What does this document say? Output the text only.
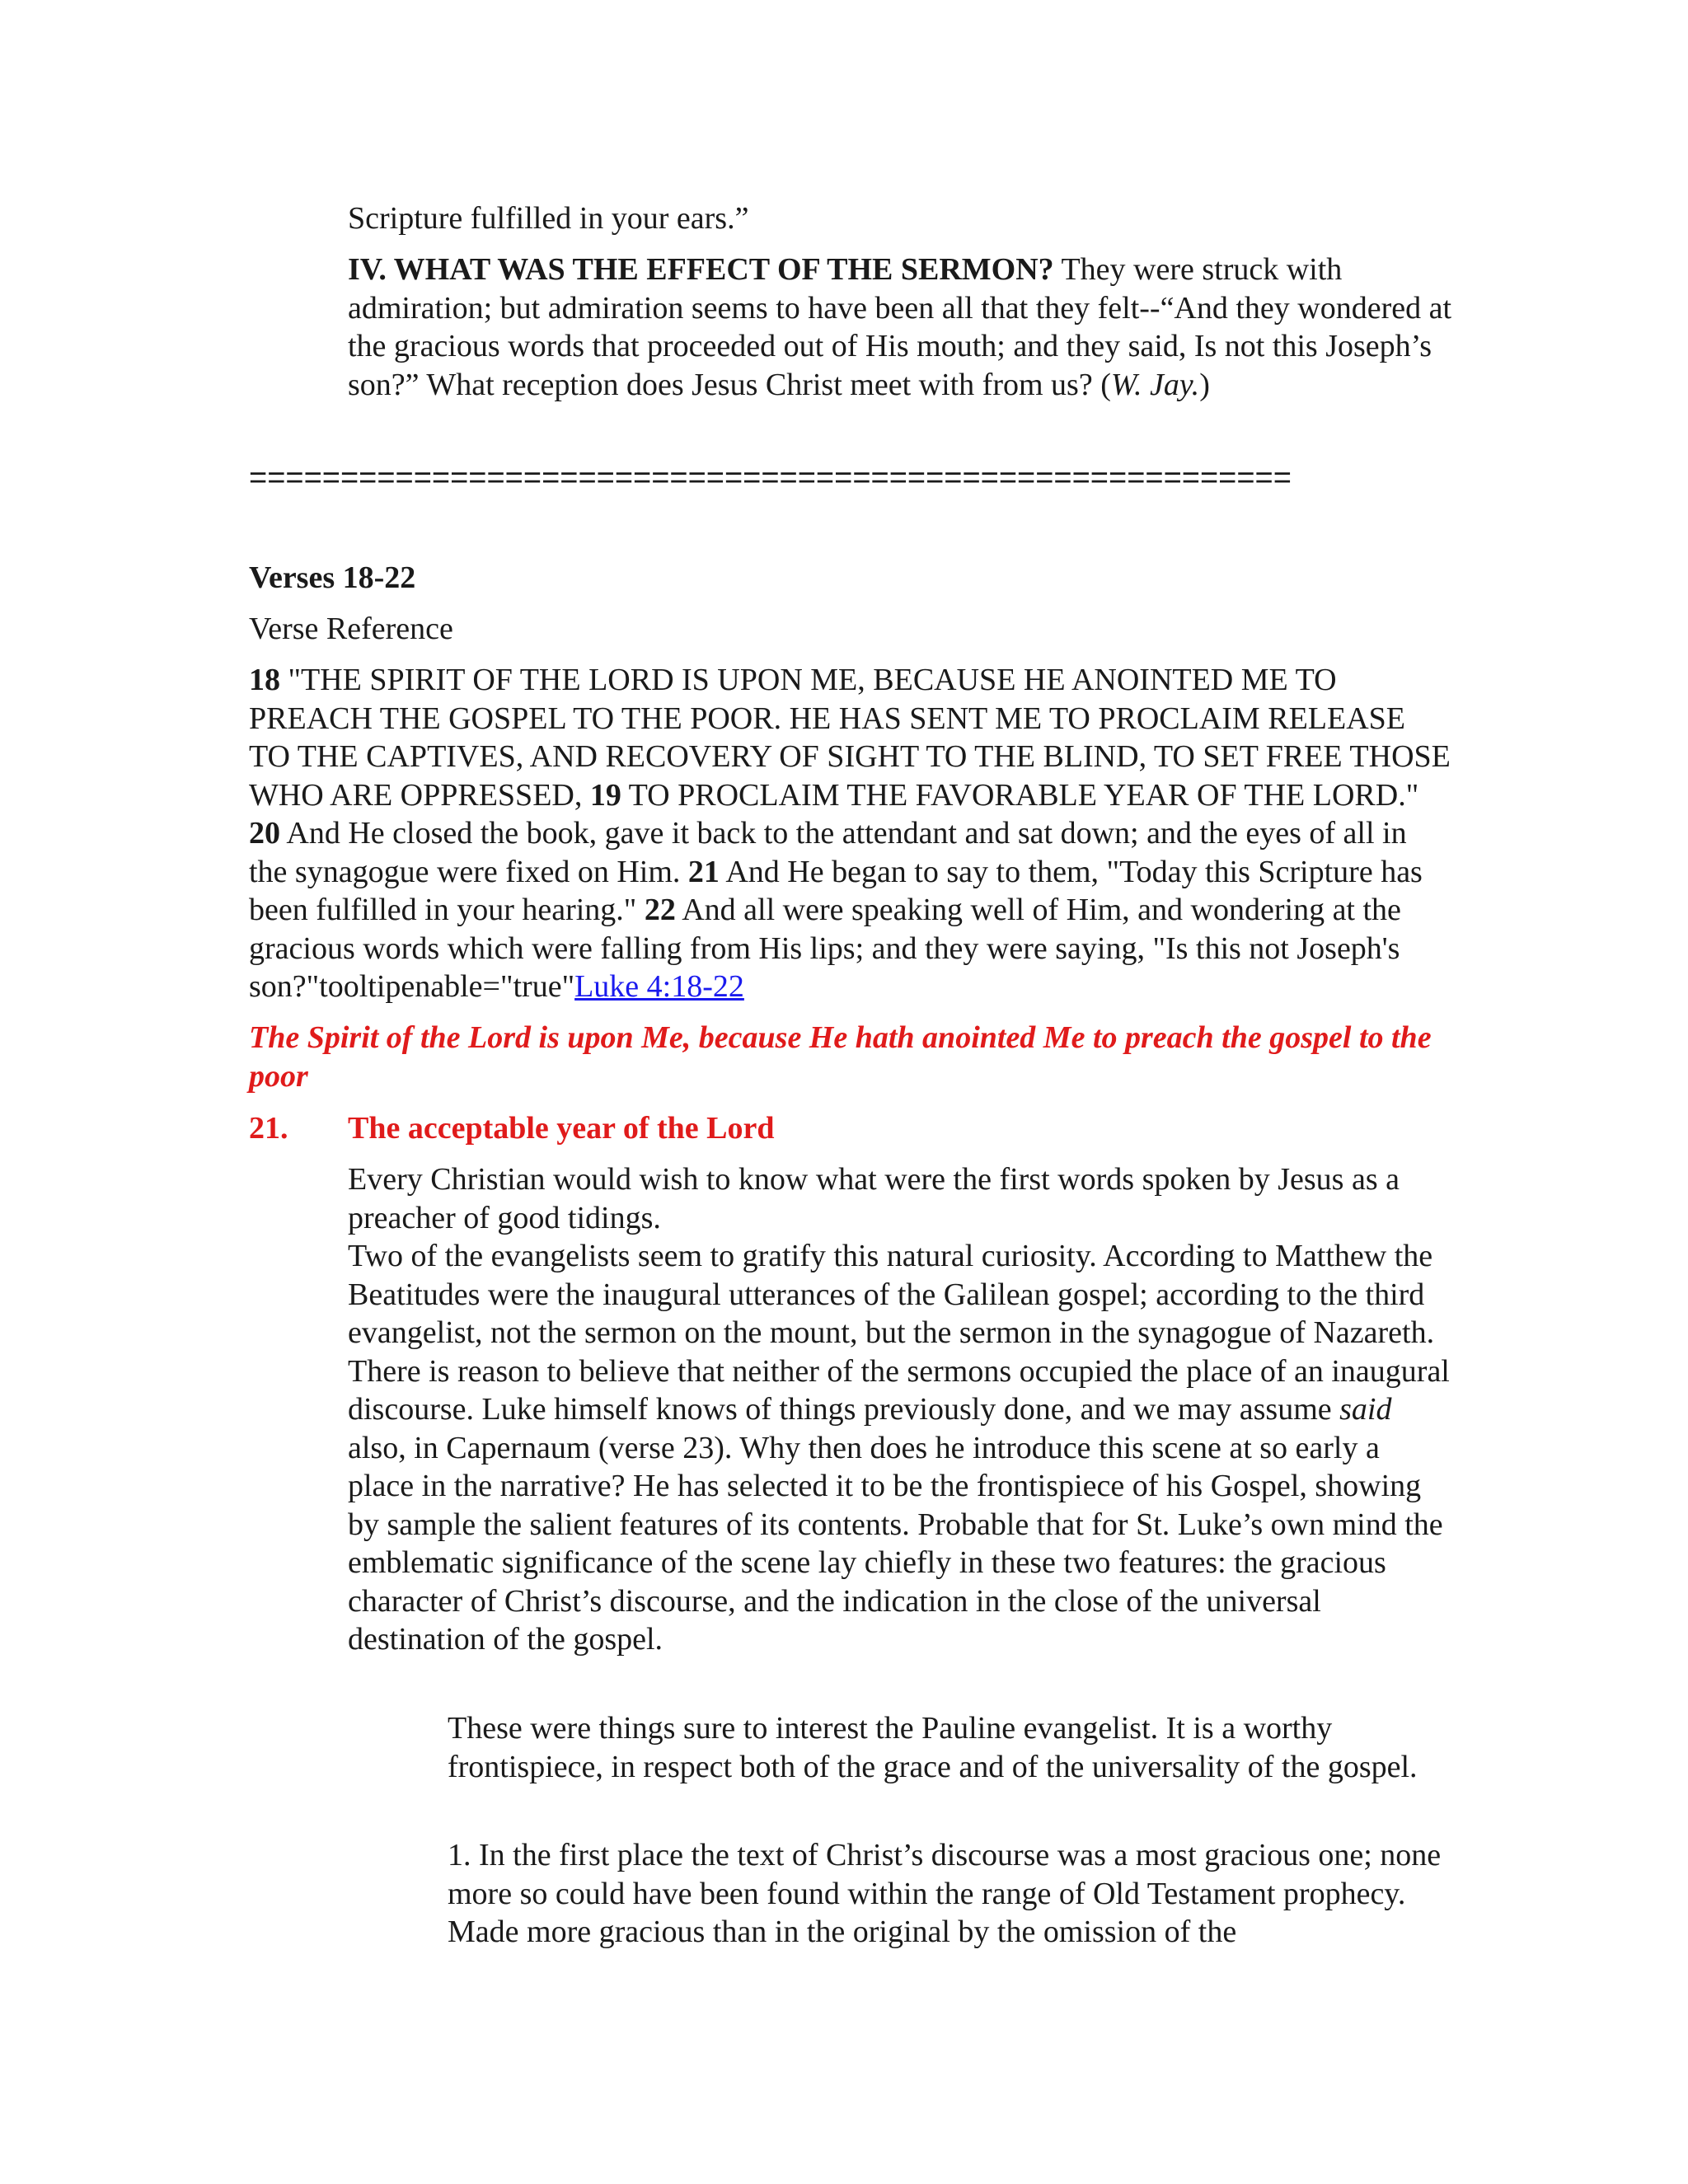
Scripture fulfilled in your ears.”

IV. WHAT WAS THE EFFECT OF THE SERMON? They were struck with admiration; but admiration seems to have been all that they felt--“And they wondered at the gracious words that proceeded out of His mouth; and they said, Is not this Joseph’s son?” What reception does Jesus Christ meet with from us? (W. Jay.)

=========================================================

Verses 18-22

Verse Reference

18 "THE SPIRIT OF THE LORD IS UPON ME, BECAUSE HE ANOINTED ME TO PREACH THE GOSPEL TO THE POOR. HE HAS SENT ME TO PROCLAIM RELEASE TO THE CAPTIVES, AND RECOVERY OF SIGHT TO THE BLIND, TO SET FREE THOSE WHO ARE OPPRESSED, 19 TO PROCLAIM THE FAVORABLE YEAR OF THE LORD." 20 And He closed the book, gave it back to the attendant and sat down; and the eyes of all in the synagogue were fixed on Him. 21 And He began to say to them, "Today this Scripture has been fulfilled in your hearing." 22 And all were speaking well of Him, and wondering at the gracious words which were falling from His lips; and they were saying, "Is this not Joseph's son?"tooltipenable="true"Luke 4:18-22

The Spirit of the Lord is upon Me, because He hath anointed Me to preach the gospel to the poor

21. The acceptable year of the Lord

Every Christian would wish to know what were the first words spoken by Jesus as a preacher of good tidings.

Two of the evangelists seem to gratify this natural curiosity. According to Matthew the Beatitudes were the inaugural utterances of the Galilean gospel; according to the third evangelist, not the sermon on the mount, but the sermon in the synagogue of Nazareth. There is reason to believe that neither of the sermons occupied the place of an inaugural discourse. Luke himself knows of things previously done, and we may assume said also, in Capernaum (verse 23). Why then does he introduce this scene at so early a place in the narrative? He has selected it to be the frontispiece of his Gospel, showing by sample the salient features of its contents. Probable that for St. Luke’s own mind the emblematic significance of the scene lay chiefly in these two features: the gracious character of Christ’s discourse, and the indication in the close of the universal destination of the gospel.

These were things sure to interest the Pauline evangelist. It is a worthy frontispiece, in respect both of the grace and of the universality of the gospel.

1. In the first place the text of Christ’s discourse was a most gracious one; none more so could have been found within the range of Old Testament prophecy. Made more gracious than in the original by the omission of the
